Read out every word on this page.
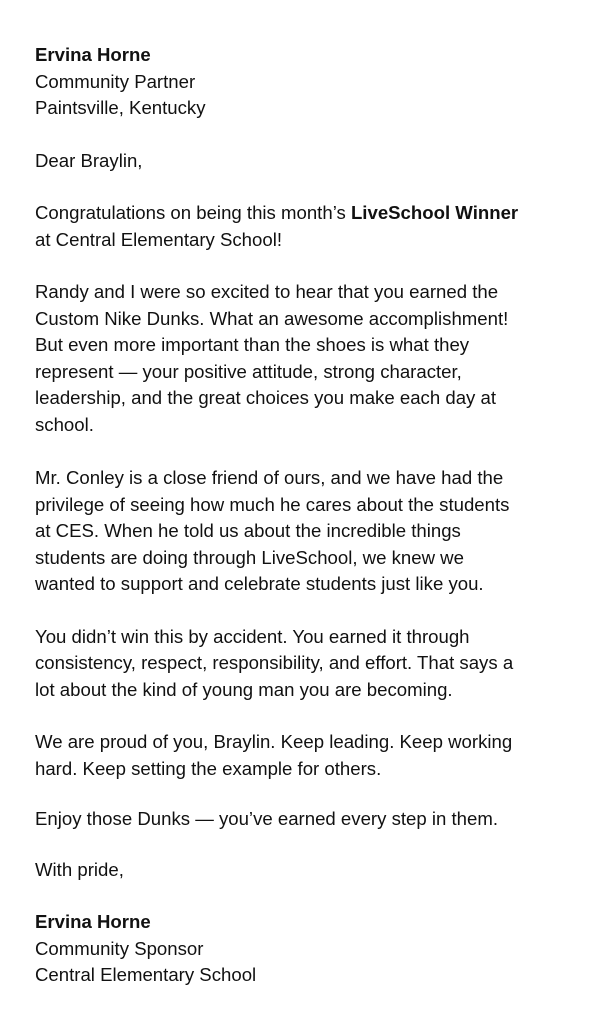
Ervina Horne
Community Partner
Paintsville, Kentucky

Dear Braylin,

Congratulations on being this month’s LiveSchool Winner
at Central Elementary School!

Randy and I were so excited to hear that you earned the
Custom Nike Dunks. What an awesome accomplishment!
But even more important than the shoes is what they
represent — your positive attitude, strong character,
leadership, and the great choices you make each day at
school.

Mr. Conley is a close friend of ours, and we have had the
privilege of seeing how much he cares about the students
at CES. When he told us about the incredible things
students are doing through LiveSchool, we knew we
wanted to support and celebrate students just like you.

You didn’t win this by accident. You earned it through
consistency, respect, responsibility, and effort. That says a
lot about the kind of young man you are becoming.

We are proud of you, Braylin. Keep leading. Keep working
hard. Keep setting the example for others.

Enjoy those Dunks — you’ve earned every step in them.

With pride,

Ervina Horne
Community Sponsor
Central Elementary School
